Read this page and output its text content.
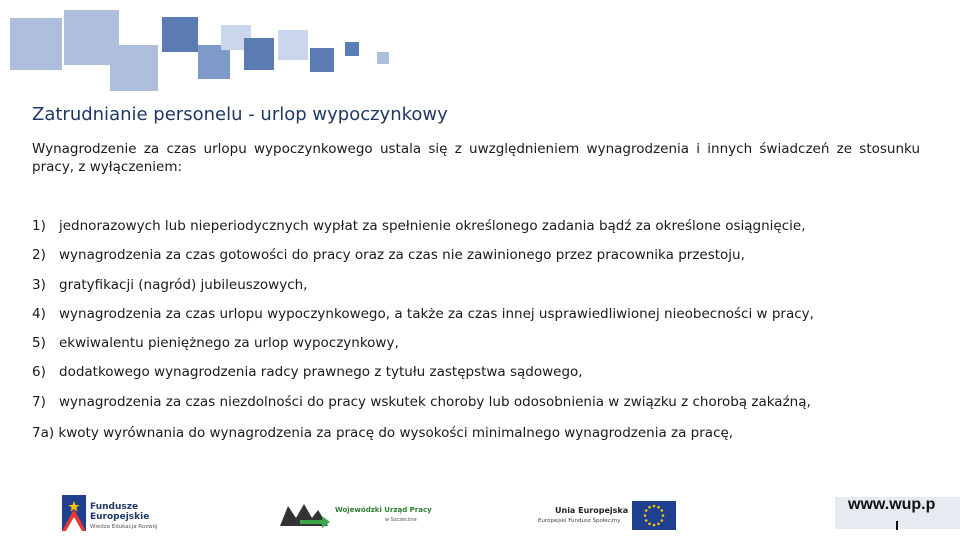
Zatrudnianie personelu - urlop wypoczynkowy
Wynagrodzenie za czas urlopu wypoczynkowego ustala się z uwzględnieniem wynagrodzenia i innych świadczeń ze stosunku pracy, z wyłączeniem:
1) jednorazowych lub nieperiodycznych wypłat za spełnienie określonego zadania bądź za określone osiągnięcie,
2) wynagrodzenia za czas gotowości do pracy oraz za czas nie zawinionego przez pracownika przestoju,
3) gratyfikacji (nagród) jubileuszowych,
4) wynagrodzenia za czas urlopu wypoczynkowego, a także za czas innej usprawiedliwionej nieobecności w pracy,
5) ekwiwalentu pieniężnego za urlop wypoczynkowy,
6) dodatkowego wynagrodzenia radcy prawnego z tytułu zastępstwa sądowego,
7) wynagrodzenia za czas niezdolności do pracy wskutek choroby lub odosobnienia w związku z chorobą zakaźną,
7a) kwoty wyrównania do wynagrodzenia za pracę do wysokości minimalnego wynagrodzenia za pracę,
Fundusze
Europejskie
Wiedza Edukacja Rozwój
Wojewódzki Urząd Pracy
w Szczecinie
Unia Europejska
Europejski Fundusz Społeczny
www.wup.p
